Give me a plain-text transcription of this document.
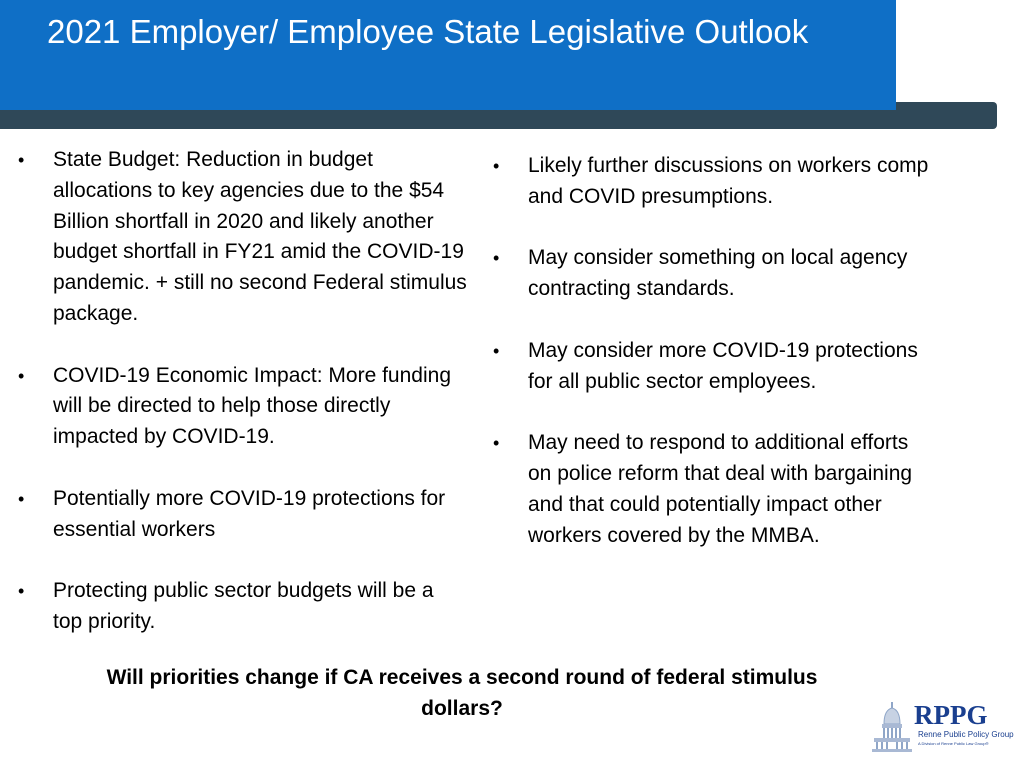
2021 Employer/ Employee State Legislative Outlook
•	State Budget: Reduction in budget allocations to key agencies due to the $54 Billion shortfall in 2020 and likely another budget shortfall in FY21 amid the COVID-19 pandemic. + still no second Federal stimulus package.
•	COVID-19 Economic Impact: More funding will be directed to help those directly impacted by COVID-19.
•	Potentially more COVID-19 protections for essential workers
•	Protecting public sector budgets will be a top priority.
•	Likely further discussions on workers comp and COVID presumptions.
•	May consider something on local agency contracting standards.
•	May consider more COVID-19 protections for all public sector employees.
•	May need to respond to additional efforts on police reform that deal with bargaining and that could potentially impact other workers covered by the MMBA.

Will priorities change if CA receives a second round of federal stimulus dollars?	RPPG
Renne Public Policy Group
A Division of Renne Public Law Group®
